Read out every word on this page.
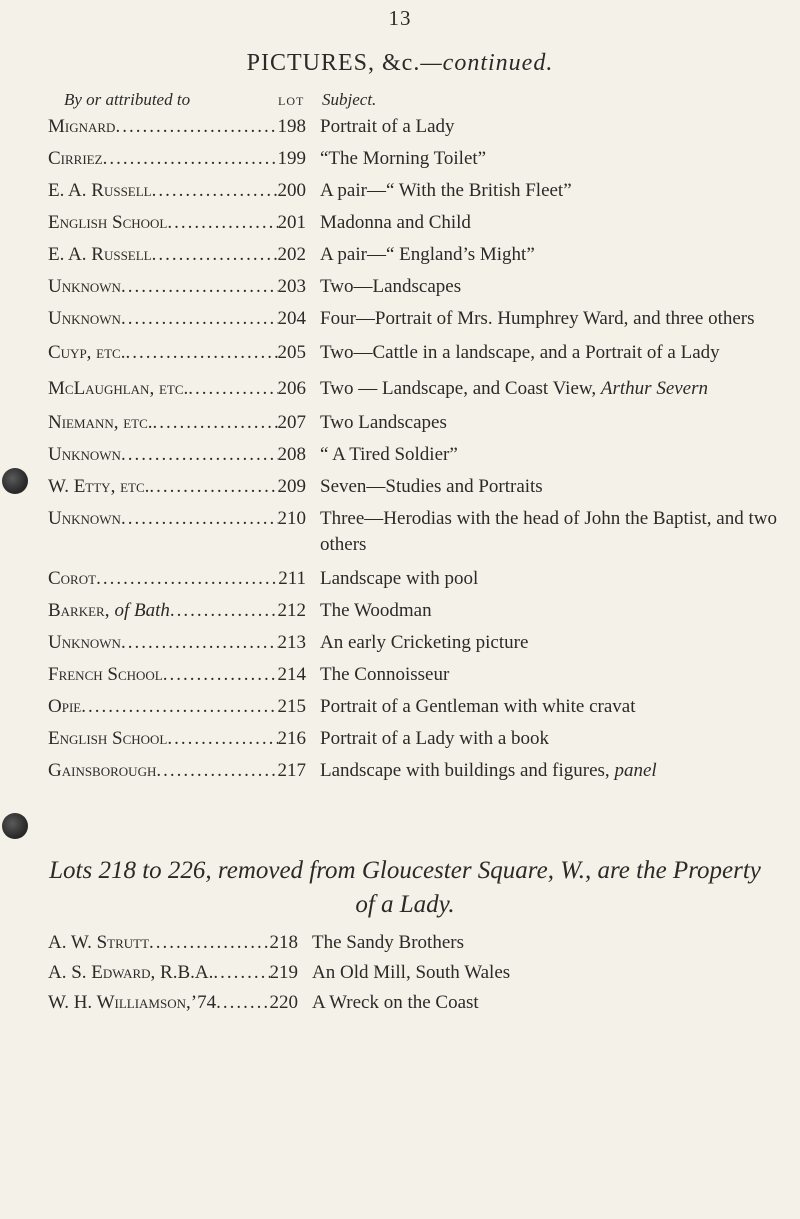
13
PICTURES, &c.—continued.
By or attributed to	LOT Subject.
Mignard .....	198 Portrait of a Lady
Cirriez .....	199 “The Morning Toilet”
E. A. Russell .....	200 A pair—“ With the British Fleet”
English School .....	201 Madonna and Child
E. A. Russell .....	202 A pair—“ England’s Might”
Unknown .....	203 Two—Landscapes
Unknown .....	204 Four—Portrait of Mrs. Humphrey Ward, and three others
Cuyp, etc. .....	205 Two—Cattle in a landscape, and a Portrait of a Lady
McLaughlan, etc. .....	206 Two — Landscape, and Coast View, Arthur Severn
Niemann, etc. .....	207 Two Landscapes
Unknown .....	208 “ A Tired Soldier”
W. Etty, etc. .....	209 Seven—Studies and Portraits
Unknown .....	210 Three—Herodias with the head of John the Baptist, and two others
Corot .....	211 Landscape with pool
Barker, of Bath .....	212 The Woodman
Unknown .....	213 An early Cricketing picture
French School .....	214 The Connoisseur
Opie .....	215 Portrait of a Gentleman with white cravat
English School .....	216 Portrait of a Lady with a book
Gainsborough .....	217 Landscape with buildings and figures, panel
Lots 218 to 226, removed from Gloucester Square, W., are the Property of a Lady.
A. W. Strutt .....	218 The Sandy Brothers
A. S. Edward, R.B.A. .....	219 An Old Mill, South Wales
W. H. Williamson,’74 .....	220 A Wreck on the Coast
